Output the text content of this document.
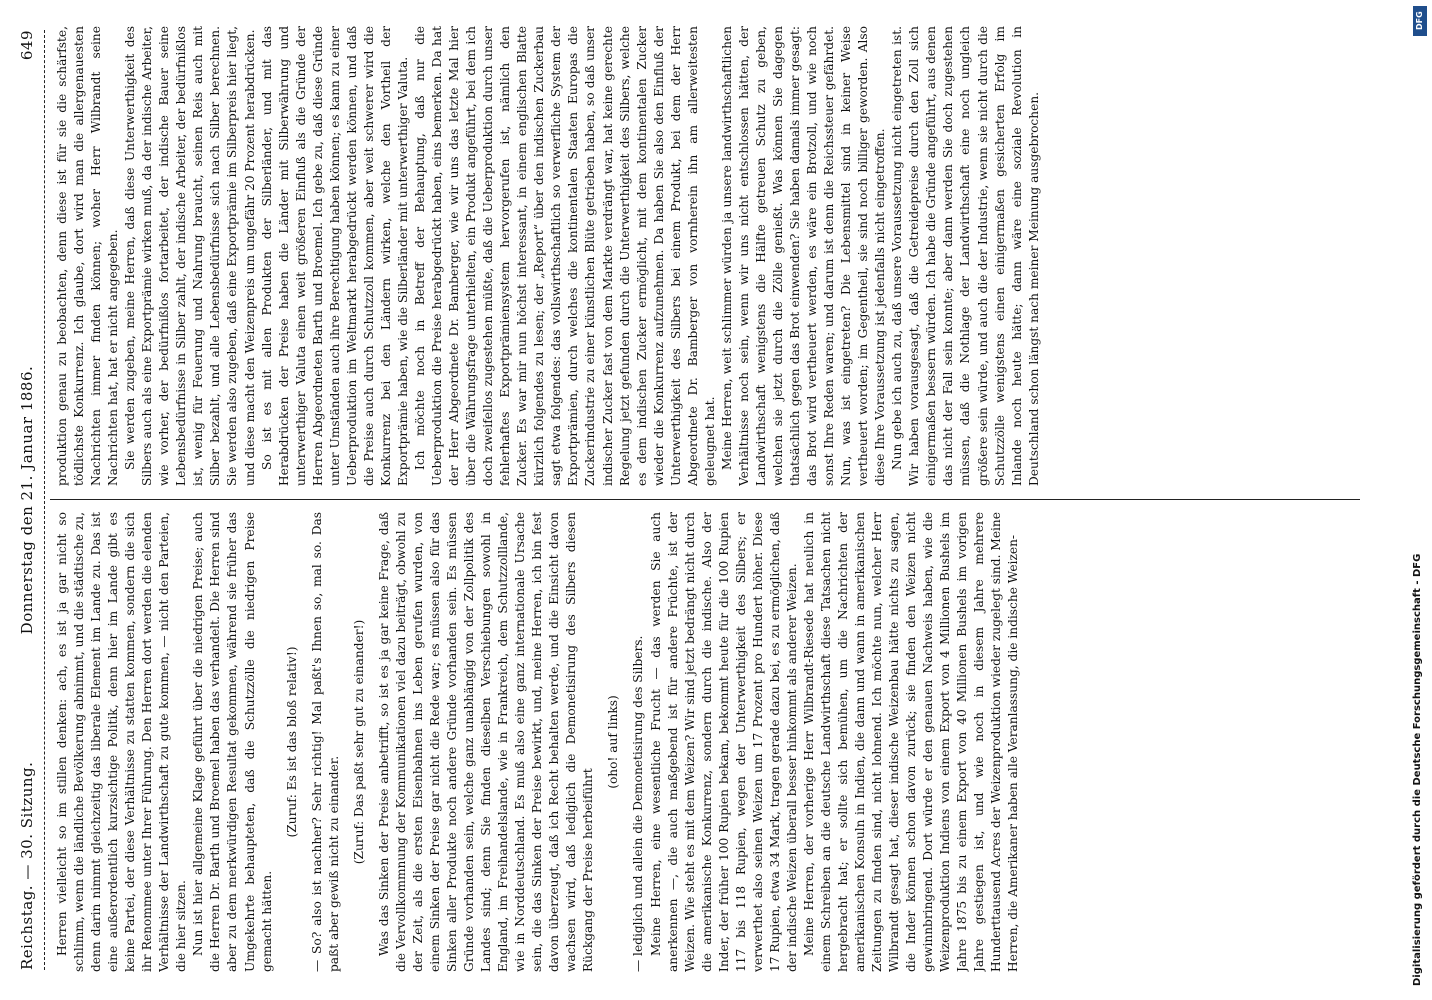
Reichstag. — 30. Sitzung.
Donnerstag den 21. Januar 1886.
649

Herren vielleicht so im stillen denken: ach, es ist ja gar nicht so schlimm, wenn die ländliche Bevölkerung abnimmt, und die städtische zu, denn darin nimmt gleichzeitig das liberale Element im Lande zu. Das ist eine außerordentlich kurzsichtige Politik, denn hier im Lande gibt es keine Partei, der diese Verhältnisse zu statten kommen, sondern die sich ihr Renommee unter Ihrer Führung. Den Herren dort werden die elenden Verhältnisse der Landwirthschaft zu gute kommen, — nicht den Parteien, die hier sitzen. Nun ist hier allgemeine Klage geführt über die niedrigen Preise; auch die Herren Dr. Barth und Broemel haben das verhandelt. Die Herren sind aber zu dem merkwürdigen Resultat gekommen, während sie früher das Umgekehrte behaupteten, daß die Schutzzölle die niedrigen Preise gemacht hätten.

(Zuruf: Es ist das bloß relativ!) — So? also ist nachher? Sehr richtig! Mal paßt's Ihnen so, mal so. Das paßt aber gewiß nicht zu einander. (Zuruf: Das paßt sehr gut zu einander!) Was das Sinken der Preise anbetrifft, so ist es ja gar keine Frage, daß die Vervollkommnung der Kommunikationen viel dazu beiträgt, obwohl zu der Zeit, als die ersten Eisenbahnen ins Leben gerufen wurden, von einem Sinken der Preise gar nicht die Rede war; es müssen also für das Sinken aller Produkte noch andere Gründe vorhanden sein. Es müssen Gründe vorhanden sein, welche ganz unabhängig von der Zollpolitik des Landes sind; denn Sie finden dieselben Verschiebungen sowohl in England, im Freihandelslande, wie in Frankreich, dem Schutzzolllande, wie in Norddeutschland. Es muß also eine ganz internationale Ursache sein, die das Sinken der Preise bewirkt, und, meine Herren, ich bin fest davon überzeugt, daß ich Recht behalten werde, und die Einsicht davon wachsen wird, daß lediglich die Demonetisirung des Silbers diesen Rückgang der Preise herbeiführt

(oho! auf links) — lediglich und allein die Demonetisirung des Silbers. Meine Herren, eine wesentliche Frucht — das werden Sie auch anerkennen —, die auch maßgebend ist für andere Früchte, ist der Weizen. Wie steht es mit dem Weizen? Wir sind jetzt bedrängt nicht durch die amerikanische Konkurrenz, sondern durch die indische. Also der Inder, der früher 100 Rupien bekam, bekommt heute für die 100 Rupien 117 bis 118 Rupien, wegen der Unterwerthigkeit des Silbers; er verwerthet also seinen Weizen um 17 Prozent pro Hundert höher. Diese 17 Rupien, etwa 34 Mark, tragen gerade dazu bei, es zu ermöglichen, daß der indische Weizen überall besser hinkommt als anderer Weizen. Meine Herren, der vorherige Herr Wilbrandt-Riesede hat neulich in einem Schreiben an die deutsche Landwirthschaft diese Tatsachen nicht hergebracht hat; er sollte sich bemühen, um die Nachrichten der amerikanischen Konsuln in Indien, die dann und wann in amerikanischen Zeitungen zu finden sind, nicht lohnend. Ich möchte nun, welcher Herr Wilbrandt gesagt hat, dieser indische Weizenbau hätte nichts zu sagen, die Inder können schon davon zurück; sie finden den Weizen nicht gewinnbringend. Dort würde er den genauen Nachweis haben, wie die Weizenproduktion Indiens von einem Export von 4 Millionen Bushels im Jahre 1875 bis zu einem Export von 40 Millionen Bushels im vorigen Jahre gestiegen ist, und wie noch in diesem Jahre mehrere Hunderttausend Acres der Weizenproduktion wieder zugelegt sind. Meine Herren, die Amerikaner haben alle Veranlassung, die indische Weizen-

produktion genau zu beobachten, denn diese ist für sie die schärfste, tödlichste Konkurrenz. Ich glaube, dort wird man die allergenauesten Nachrichten immer finden können; woher Herr Wilbrandt seine Nachrichten hat, hat er nicht angegeben. Sie werden zugeben, meine Herren, daß diese Unterwerthigkeit des Silbers auch als eine Exportprämie wirken muß, da der indische Arbeiter, wie vorher, der bedürfnißlos fortarbeitet, der indische Bauer seine Lebensbedürfnisse in Silber zahlt, der indische Arbeiter, der bedürfnißlos ist, wenig für Feuerung und Nahrung braucht, seinen Reis auch mit Silber bezahlt, und alle Lebensbedürfnisse sich nach Silber berechnen. Sie werden also zugeben, daß eine Exportprämie im Silberpreis hier liegt, und diese macht den Weizenpreis um ungefähr 20 Prozent herabdrücken. So ist es mit allen Produkten der Silberländer, und mit das Herabdrücken der Preise haben die Länder mit Silberwährung und unterwerthiger Valuta einen weit größeren Einfluß als die Gründe der Herren Abgeordneten Barth und Broemel. Ich gebe zu, daß diese Gründe unter Umständen auch ihre Berechtigung haben können; es kann zu einer Ueberproduktion im Weltmarkt herabgedrückt werden können, und daß die Preise auch durch Schutzzoll kommen, aber weit schwerer wird die Konkurrenz bei den Ländern wirken, welche den Vortheil der Exportprämie haben, wie die Silberländer mit unterwerthiger Valuta. Ich möchte noch in Betreff der Behauptung, daß nur die Ueberproduktion die Preise herabgedrückt haben, eins bemerken. Da hat der Herr Abgeordnete Dr. Bamberger, wie wir uns das letzte Mal hier über die Währungsfrage unterhielten, ein Produkt angeführt, bei dem ich doch zweifellos zugestehen müßte, daß die Ueberproduktion durch unser fehlerhaftes Exportprämiensystem hervorgerufen ist, nämlich den Zucker. Es war mir nun höchst interessant, in einem englischen Blatte kürzlich folgendes zu lesen; der „Report“ über den indischen Zuckerbau sagt etwa folgendes: das vollswirthschaftlich so verwerfliche System der Exportprämien, durch welches die kontinentalen Staaten Europas die Zuckerindustrie zu einer künstlichen Blüte getrieben haben, so daß unser indischer Zucker fast von dem Markte verdrängt war, hat keine gerechte Regelung jetzt gefunden durch die Unterwerthigkeit des Silbers, welche es dem indischen Zucker ermöglicht, mit dem kontinentalen Zucker wieder die Konkurrenz aufzunehmen. Da haben Sie also den Einfluß der Unterwerthigkeit des Silbers bei einem Produkt, bei dem der Herr Abgeordnete Dr. Bamberger von vornherein ihn am allerweitesten geleugnet hat. Meine Herren, weit schlimmer würden ja unsere landwirthschaftlichen Verhältnisse noch sein, wenn wir uns nicht entschlossen hätten, der Landwirthschaft wenigstens die Hälfte getreuen Schutz zu geben, welchen sie jetzt durch die Zölle genießt. Was können Sie dagegen thatsächlich gegen das Brot einwenden? Sie haben damals immer gesagt: das Brot wird vertheuert werden, es wäre ein Brotzoll, und wie noch sonst Ihre Reden waren; und darum ist denn die Reichssteuer gefährdet. Nun, was ist eingetreten? Die Lebensmittel sind in keiner Weise vertheuert worden; im Gegentheil, sie sind noch billiger geworden. Also diese Ihre Voraussetzung ist jedenfalls nicht eingetroffen. Nun gebe ich auch zu, daß unsere Voraussetzung nicht eingetreten ist. Wir haben vorausgesagt, daß die Getreidepreise durch den Zoll sich einigermaßen bessern würden. Ich habe die Gründe angeführt, aus denen das nicht der Fall sein konnte; aber dann werden Sie doch zugestehen müssen, daß die Nothlage der Landwirthschaft eine noch ungleich größere sein würde, und auch die der Industrie, wenn sie nicht durch die Schutzzölle wenigstens einen einigermaßen gesicherten Erfolg im Inlande noch heute hätte; dann wäre eine soziale Revolution in Deutschland schon längst nach meiner Meinung ausgebrochen.

Digitalisierung gefördert durch die Deutsche Forschungsgemeinschaft - DFG
DFG
